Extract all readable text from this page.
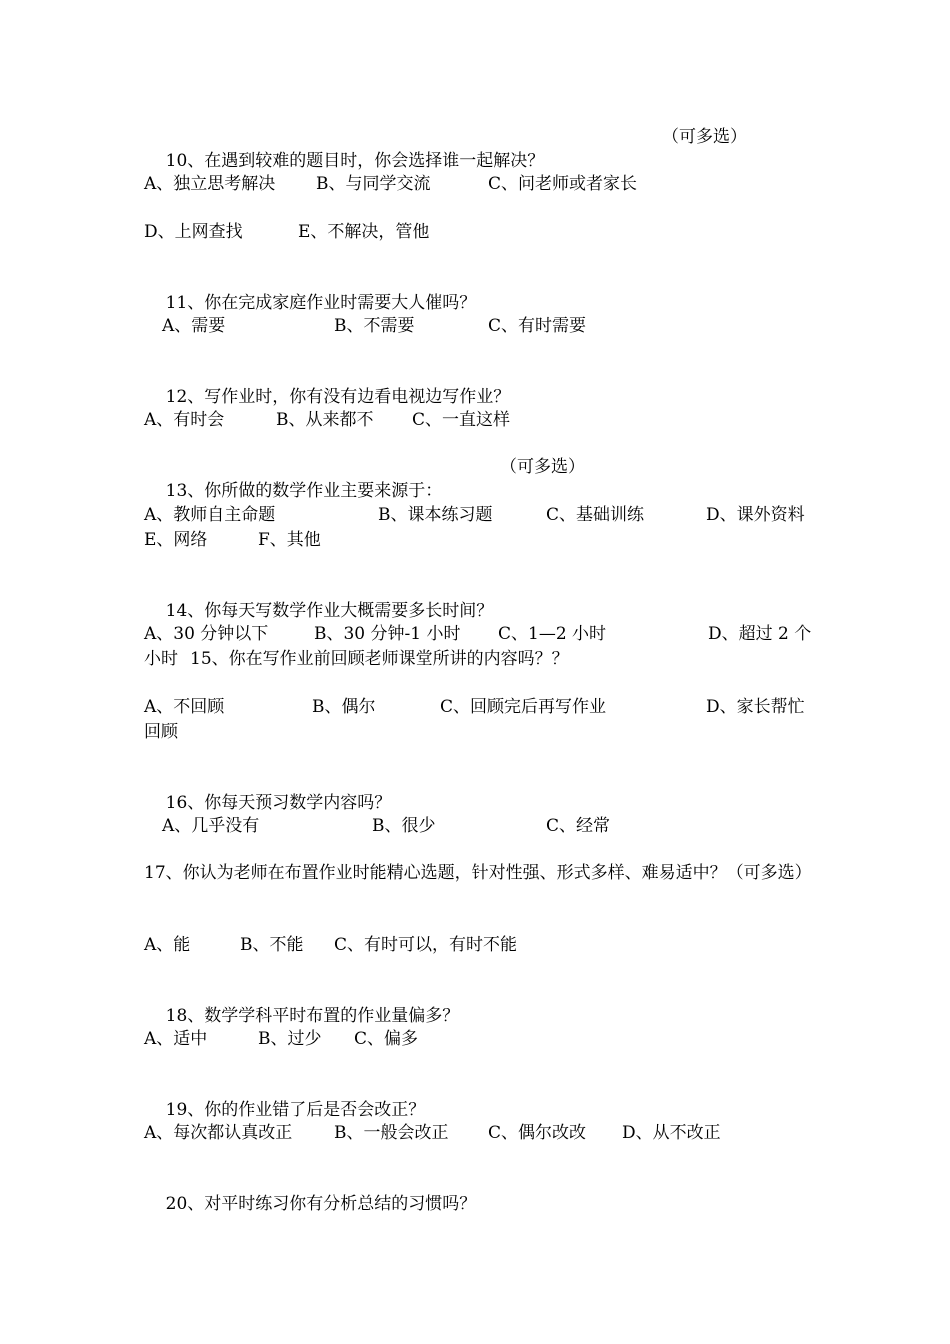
10、在遇到较难的题目时，你会选择谁一起解决？

（可多选）
A、独立思考解决 B、与同学交流	C、问老师或者家长
D、上网查找	E、不解决，管他

11、你在完成家庭作业时需要大人催吗？

A、需要	B、不需要	C、有时需要

12、写作业时，你有没有边看电视边写作业？

A、有时会	B、从来都不 C、一直这样

13、你所做的数学作业主要来源于：

（可多选）
A、教师自主命题	B、课本练习题	C、基础训练	D、课外资料
E、网络	F、其他

14、你每天写数学作业大概需要多长时间？

A、30 分钟以下	B、30 分钟-1 小时 C、1—2 小时	D、超过 2 个
小时 15、你在写作业前回顾老师课堂所讲的内容吗？？
A、不回顾	B、偶尔	C、回顾完后再写作业	D、家长帮忙
回顾

16、你每天预习数学内容吗？

A、几乎没有	B、很少	C、经常
17、你认为老师在布置作业时能精心选题，针对性强、形式多样、难易适中？（可多选）
A、能	B、不能 C、有时可以，有时不能

18、数学学科平时布置的作业量偏多？

A、适中	B、过少 C、偏多

19、你的作业错了后是否会改正？

A、每次都认真改正 B、一般会改正 C、偶尔改改 D、从不改正

20、对平时练习你有分析总结的习惯吗？
